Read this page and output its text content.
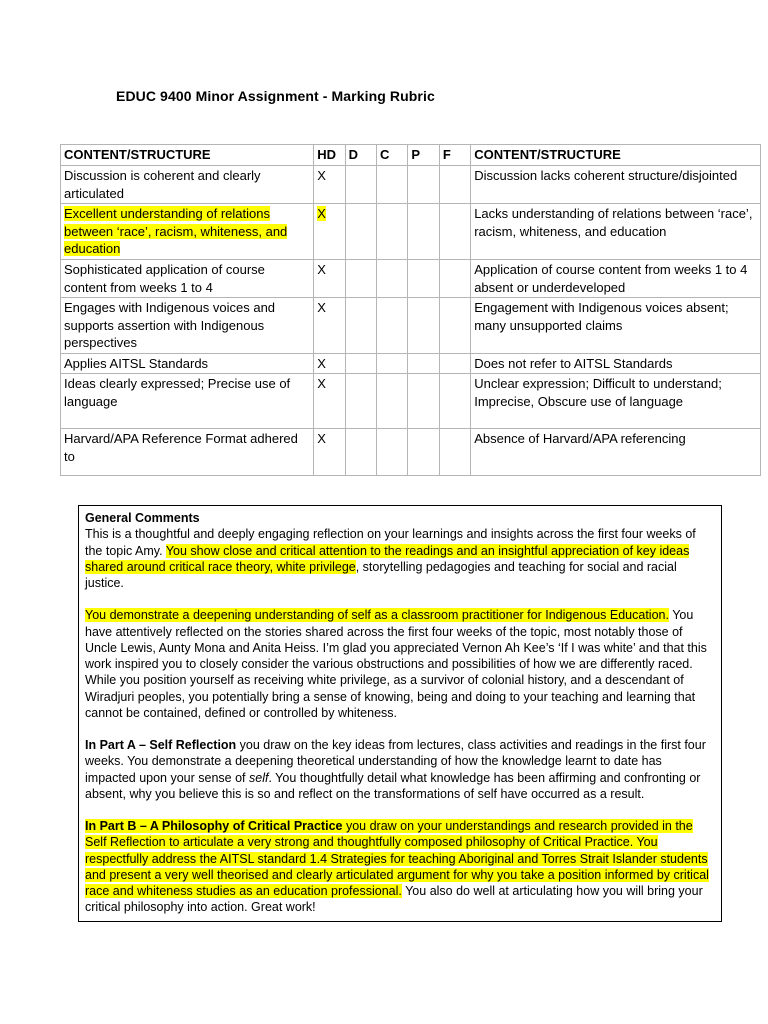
EDUC 9400 Minor Assignment - Marking Rubric
CONTENT/STRUCTURE	HD	D	C	P	F	CONTENT/STRUCTURE
Discussion is coherent and clearly articulated	X					Discussion lacks coherent structure/disjointed
Excellent understanding of relations between ‘race’, racism, whiteness, and education	X					Lacks understanding of relations between ‘race’, racism, whiteness, and education
Sophisticated application of course content from weeks 1 to 4	X					Application of course content from weeks 1 to 4 absent or underdeveloped
Engages with Indigenous voices and supports assertion with Indigenous perspectives	X					Engagement with Indigenous voices absent; many unsupported claims
Applies AITSL Standards	X					Does not refer to AITSL Standards
Ideas clearly expressed; Precise use of language	X					Unclear expression; Difficult to understand; Imprecise, Obscure use of language
Harvard/APA Reference Format adhered to	X					Absence of Harvard/APA referencing

General Comments
This is a thoughtful and deeply engaging reflection on your learnings and insights across the first four weeks of the topic Amy. You show close and critical attention to the readings and an insightful appreciation of key ideas shared around critical race theory, white privilege, storytelling pedagogies and teaching for social and racial justice.

You demonstrate a deepening understanding of self as a classroom practitioner for Indigenous Education. You have attentively reflected on the stories shared across the first four weeks of the topic, most notably those of Uncle Lewis, Aunty Mona and Anita Heiss. I’m glad you appreciated Vernon Ah Kee’s ‘If I was white’ and that this work inspired you to closely consider the various obstructions and possibilities of how we are differently raced. While you position yourself as receiving white privilege, as a survivor of colonial history, and a descendant of Wiradjuri peoples, you potentially bring a sense of knowing, being and doing to your teaching and learning that cannot be contained, defined or controlled by whiteness.

In Part A – Self Reflection you draw on the key ideas from lectures, class activities and readings in the first four weeks. You demonstrate a deepening theoretical understanding of how the knowledge learnt to date has impacted upon your sense of self. You thoughtfully detail what knowledge has been affirming and confronting or absent, why you believe this is so and reflect on the transformations of self have occurred as a result.

In Part B – A Philosophy of Critical Practice you draw on your understandings and research provided in the Self Reflection to articulate a very strong and thoughtfully composed philosophy of Critical Practice. You respectfully address the AITSL standard 1.4 Strategies for teaching Aboriginal and Torres Strait Islander students and present a very well theorised and clearly articulated argument for why you take a position informed by critical race and whiteness studies as an education professional. You also do well at articulating how you will bring your critical philosophy into action. Great work!
